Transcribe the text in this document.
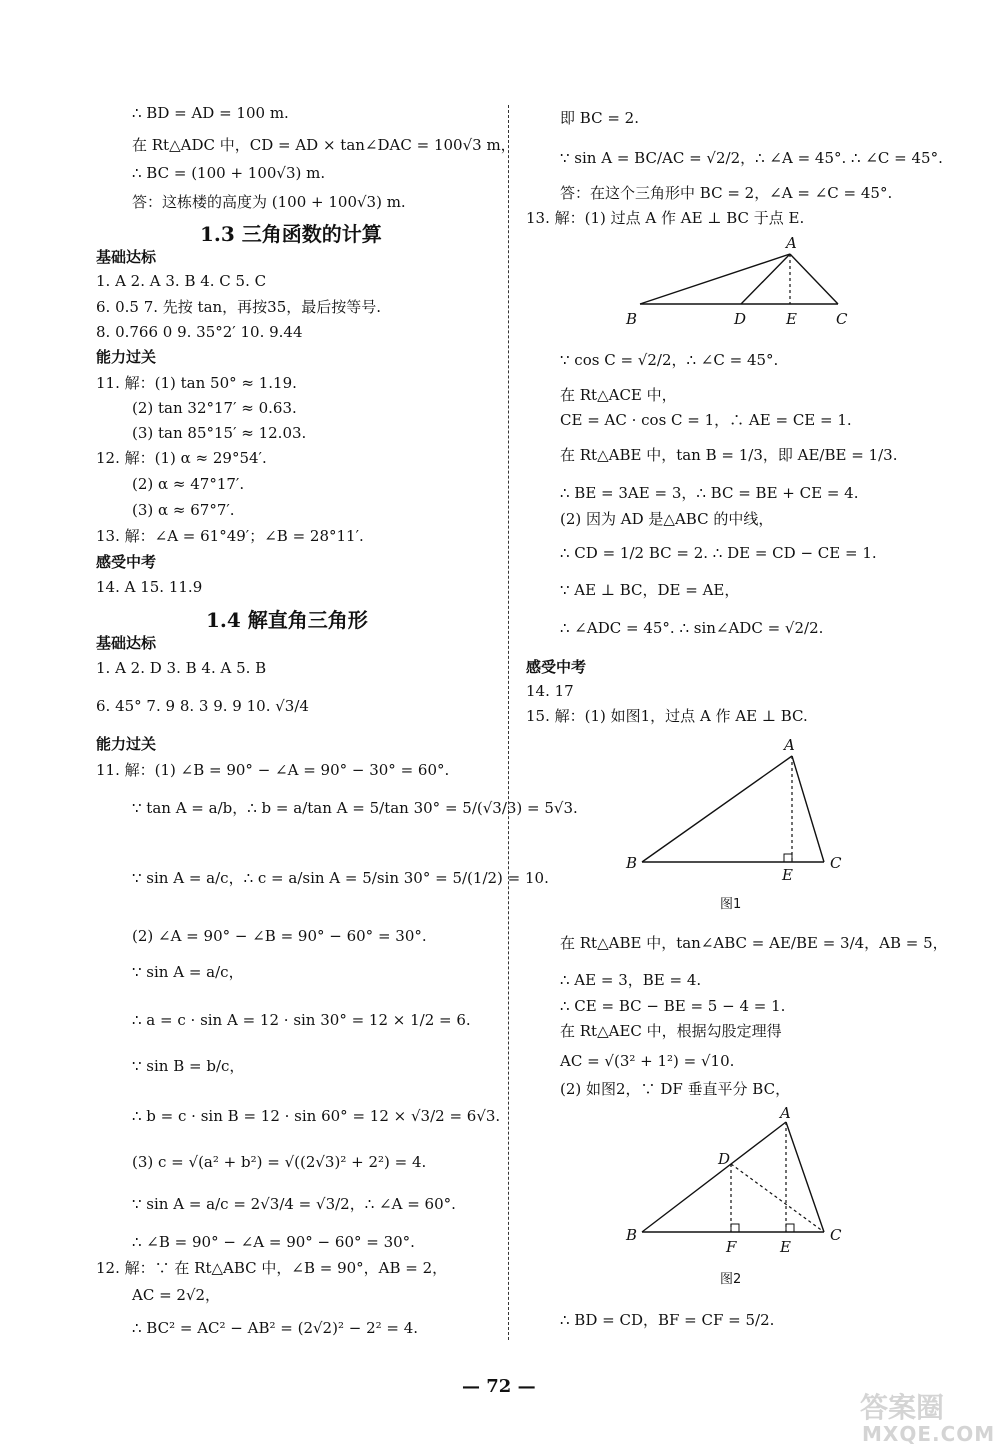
∴ BD = AD = 100 m.
在 Rt△ADC 中，CD = AD × tan∠DAC = 100√3 m，
∴ BC = (100 + 100√3) m.
答：这栋楼的高度为 (100 + 100√3) m.
1.3 三角函数的计算
基础达标
1. A 2. A 3. B 4. C 5. C
6. 0.5 7. 先按 tan，再按35，最后按等号.
8. 0.766 0 9. 35°2′ 10. 9.44
能力过关
11. 解：(1) tan 50° ≈ 1.19.
(2) tan 32°17′ ≈ 0.63.
(3) tan 85°15′ ≈ 12.03.
12. 解：(1) α ≈ 29°54′.
(2) α ≈ 47°17′.
(3) α ≈ 67°7′.
13. 解：∠A = 61°49′；∠B = 28°11′.
感受中考
14. A 15. 11.9
1.4 解直角三角形
基础达标
1. A 2. D 3. B 4. A 5. B
6. 45° 7. 9 8. 3 9. 9 10. √3/4
能力过关
11. 解：(1) ∠B = 90° − ∠A = 90° − 30° = 60°.
∵ tan A = a/b，∴ b = a/tan A = 5/tan 30° = 5/(√3/3) = 5√3.
∵ sin A = a/c，∴ c = a/sin A = 5/sin 30° = 5/(1/2) = 10.
(2) ∠A = 90° − ∠B = 90° − 60° = 30°.
∵ sin A = a/c，
∴ a = c · sin A = 12 · sin 30° = 12 × 1/2 = 6.
∵ sin B = b/c，
∴ b = c · sin B = 12 · sin 60° = 12 × √3/2 = 6√3.
(3) c = √(a² + b²) = √((2√3)² + 2²) = 4.
∵ sin A = a/c = 2√3/4 = √3/2，∴ ∠A = 60°.
∴ ∠B = 90° − ∠A = 90° − 60° = 30°.
12. 解：∵ 在 Rt△ABC 中，∠B = 90°，AB = 2，
AC = 2√2，
∴ BC² = AC² − AB² = (2√2)² − 2² = 4.
即 BC = 2.
∵ sin A = BC/AC = √2/2，∴ ∠A = 45°. ∴ ∠C = 45°.
答：在这个三角形中 BC = 2，∠A = ∠C = 45°.
13. 解：(1) 过点 A 作 AE ⊥ BC 于点 E.
A
B	D	E	C
∵ cos C = √2/2，∴ ∠C = 45°.
在 Rt△ACE 中，
CE = AC · cos C = 1，∴ AE = CE = 1.
在 Rt△ABE 中，tan B = 1/3，即 AE/BE = 1/3.
∴ BE = 3AE = 3，∴ BC = BE + CE = 4.
(2) 因为 AD 是△ABC 的中线，
∴ CD = 1/2 BC = 2. ∴ DE = CD − CE = 1.
∵ AE ⊥ BC，DE = AE，
∴ ∠ADC = 45°. ∴ sin∠ADC = √2/2.
感受中考
14. 17
15. 解：(1) 如图1，过点 A 作 AE ⊥ BC.
A
B
E
C
图1
在 Rt△ABE 中，tan∠ABC = AE/BE = 3/4，AB = 5，
∴ AE = 3，BE = 4.
∴ CE = BC − BE = 5 − 4 = 1.
在 Rt△AEC 中，根据勾股定理得
AC = √(3² + 1²) = √10.
(2) 如图2，∵ DF 垂直平分 BC，
A
D
B
F	E
C
图2
∴ BD = CD，BF = CF = 5/2.
— 72 —
答案圈
MXQE.COM
